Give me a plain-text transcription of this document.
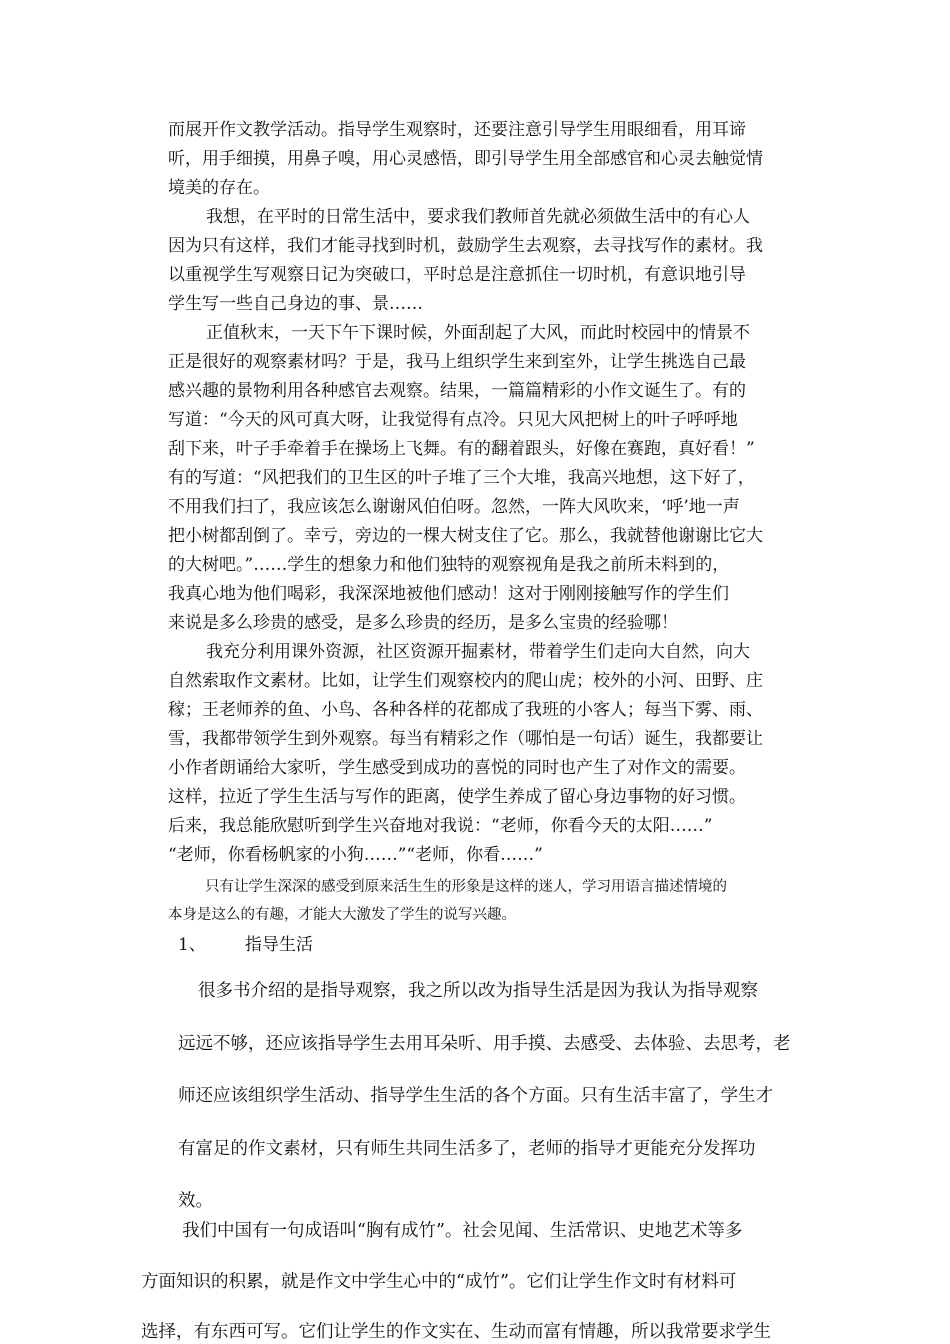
而展开作文教学活动。指导学生观察时，还要注意引导学生用眼细看，用耳谛
听，用手细摸，用鼻子嗅，用心灵感悟，即引导学生用全部感官和心灵去触觉情
境美的存在。
我想，在平时的日常生活中，要求我们教师首先就必须做生活中的有心人
因为只有这样，我们才能寻找到时机，鼓励学生去观察，去寻找写作的素材。我
以重视学生写观察日记为突破口，平时总是注意抓住一切时机，有意识地引导
学生写一些自己身边的事、景……
正值秋末，一天下午下课时候，外面刮起了大风，而此时校园中的情景不
正是很好的观察素材吗？于是，我马上组织学生来到室外，让学生挑选自己最
感兴趣的景物利用各种感官去观察。结果，一篇篇精彩的小作文诞生了。有的
写道：“今天的风可真大呀，让我觉得有点冷。只见大风把树上的叶子呼呼地
刮下来，叶子手牵着手在操场上飞舞。有的翻着跟头，好像在赛跑，真好看！”
有的写道：“风把我们的卫生区的叶子堆了三个大堆，我高兴地想，这下好了，
不用我们扫了，我应该怎么谢谢风伯伯呀。忽然，一阵大风吹来，‘呼’地一声
把小树都刮倒了。幸亏，旁边的一棵大树支住了它。那么，我就替他谢谢比它大
的大树吧。”……学生的想象力和他们独特的观察视角是我之前所未料到的，
我真心地为他们喝彩，我深深地被他们感动！这对于刚刚接触写作的学生们
来说是多么珍贵的感受，是多么珍贵的经历，是多么宝贵的经验哪！
我充分利用课外资源，社区资源开掘素材，带着学生们走向大自然，向大
自然索取作文素材。比如，让学生们观察校内的爬山虎；校外的小河、田野、庄
稼；王老师养的鱼、小鸟、各种各样的花都成了我班的小客人；每当下雾、雨、
雪，我都带领学生到外观察。每当有精彩之作（哪怕是一句话）诞生，我都要让
小作者朗诵给大家听，学生感受到成功的喜悦的同时也产生了对作文的需要。
这样，拉近了学生生活与写作的距离，使学生养成了留心身边事物的好习惯。
后来，我总能欣慰听到学生兴奋地对我说：“老师，你看今天的太阳……”
“老师，你看杨帆家的小狗……”“老师，你看……”
只有让学生深深的感受到原来活生生的形象是这样的迷人，学习用语言描述情境的
本身是这么的有趣，才能大大激发了学生的说写兴趣。
1、 指导生活
很多书介绍的是指导观察，我之所以改为指导生活是因为我认为指导观察
远远不够，还应该指导学生去用耳朵听、用手摸、去感受、去体验、去思考，老
师还应该组织学生活动、指导学生生活的各个方面。只有生活丰富了，学生才
有富足的作文素材，只有师生共同生活多了，老师的指导才更能充分发挥功
效。
我们中国有一句成语叫“胸有成竹”。社会见闻、生活常识、史地艺术等多
方面知识的积累，就是作文中学生心中的“成竹”。它们让学生作文时有材料可
选择，有东西可写。它们让学生的作文实在、生动而富有情趣，所以我常要求学生
